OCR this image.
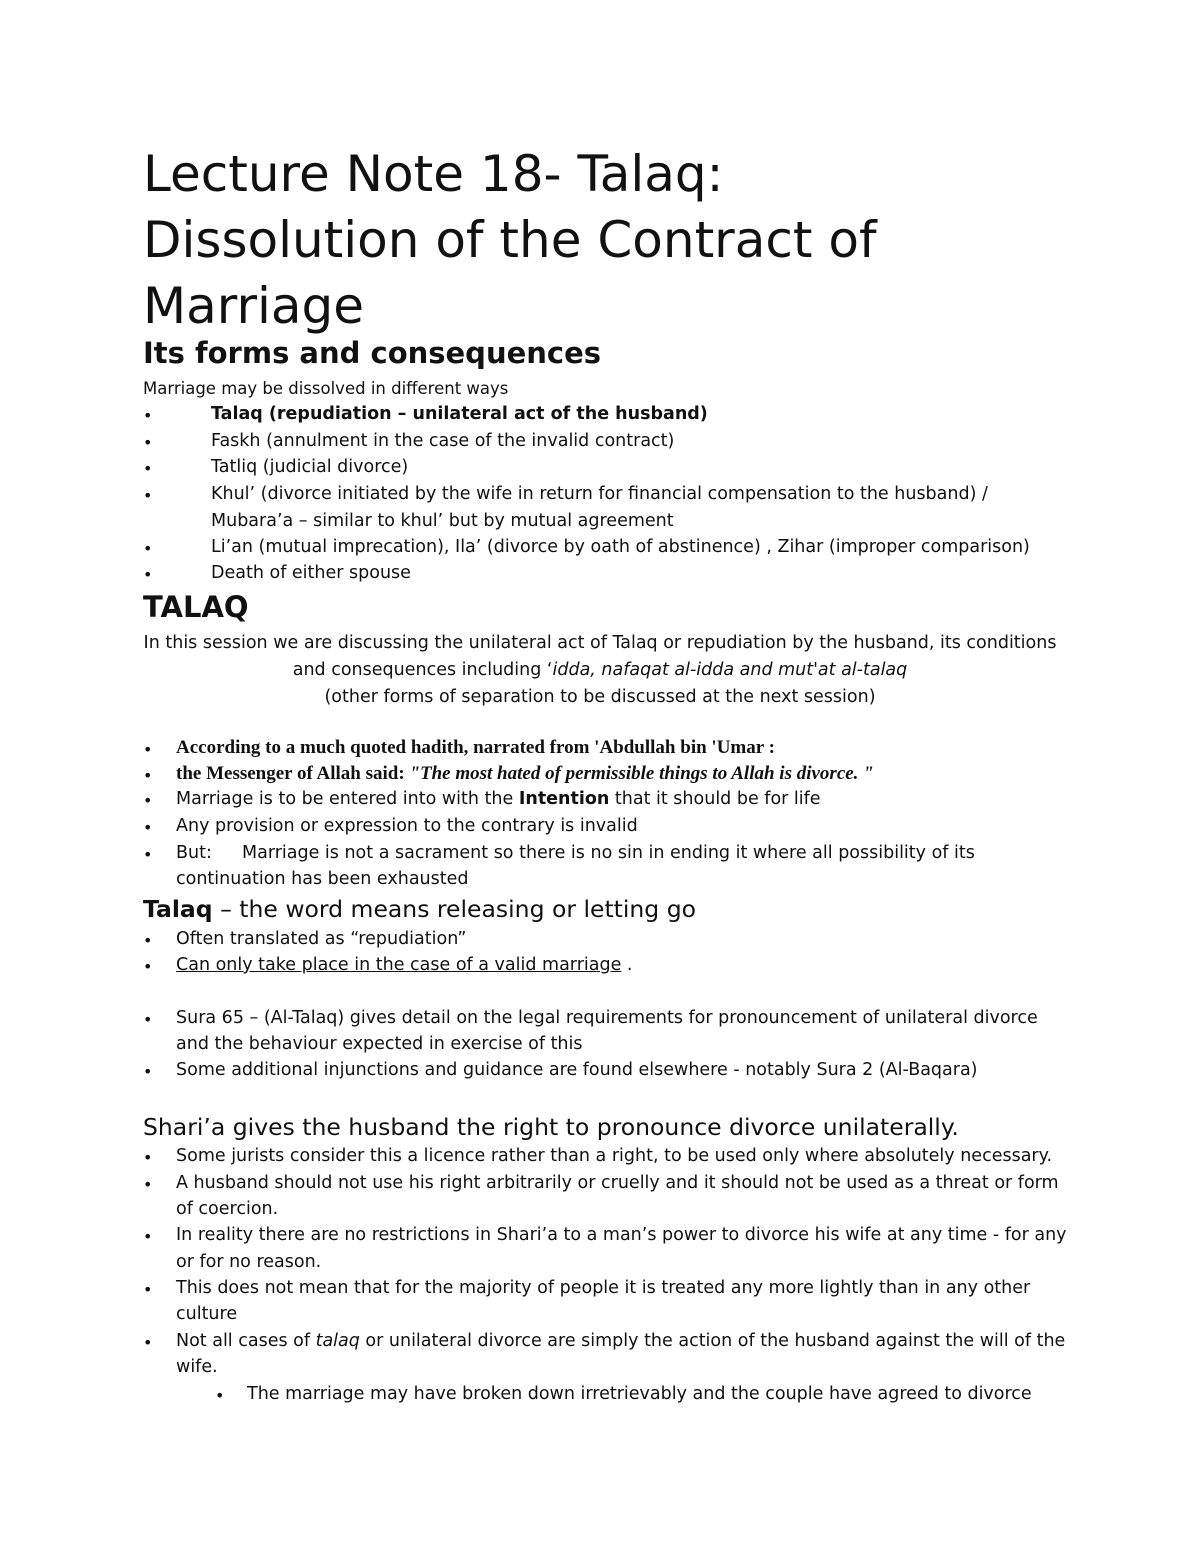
Lecture Note 18- Talaq:
Dissolution of the Contract of
Marriage
Its forms and consequences
Marriage may be dissolved in different ways
•	Talaq (repudiation – unilateral act of the husband)
•	Faskh (annulment in the case of the invalid contract)
•	Tatliq (judicial divorce)
•	Khul’ (divorce initiated by the wife in return for financial compensation to the husband) /
Mubara’a – similar to khul’ but by mutual agreement
•	Li’an (mutual imprecation), Ila’ (divorce by oath of abstinence) , Zihar (improper comparison)
•	Death of either spouse
TALAQ
In this session we are discussing the unilateral act of Talaq or repudiation by the husband, its conditions
and consequences including ‘idda, nafaqat al-idda and mut'at al-talaq
(other forms of separation to be discussed at the next session)
• According to a much quoted hadith, narrated from 'Abdullah bin 'Umar :
• the Messenger of Allah said: "The most hated of permissible things to Allah is divorce. "
• Marriage is to be entered into with the Intention that it should be for life
• Any provision or expression to the contrary is invalid
• But: Marriage is not a sacrament so there is no sin in ending it where all possibility of its
continuation has been exhausted
Talaq – the word means releasing or letting go
• Often translated as “repudiation”
• Can only take place in the case of a valid marriage .
• Sura 65 – (Al-Talaq) gives detail on the legal requirements for pronouncement of unilateral divorce
and the behaviour expected in exercise of this
• Some additional injunctions and guidance are found elsewhere - notably Sura 2 (Al-Baqara)
Shari’a gives the husband the right to pronounce divorce unilaterally.
• Some jurists consider this a licence rather than a right, to be used only where absolutely necessary.
• A husband should not use his right arbitrarily or cruelly and it should not be used as a threat or form
of coercion.
• In reality there are no restrictions in Shari’a to a man’s power to divorce his wife at any time - for any
or for no reason.
• This does not mean that for the majority of people it is treated any more lightly than in any other
culture
• Not all cases of talaq or unilateral divorce are simply the action of the husband against the will of the
wife.
• The marriage may have broken down irretrievably and the couple have agreed to divorce
